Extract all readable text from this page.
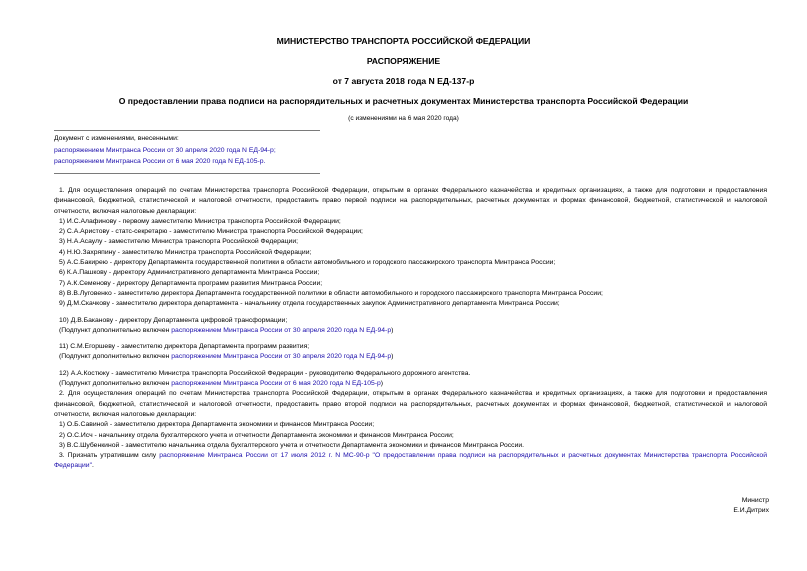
МИНИСТЕРСТВО ТРАНСПОРТА РОССИЙСКОЙ ФЕДЕРАЦИИ
РАСПОРЯЖЕНИЕ
от 7 августа 2018 года N ЕД-137-р
О предоставлении права подписи на распорядительных и расчетных документах Министерства транспорта Российской Федерации
(с изменениями на 6 мая 2020 года)
Документ с изменениями, внесенными:
распоряжением Минтранса России от 30 апреля 2020 года N ЕД-94-р;
распоряжением Минтранса России от 6 мая 2020 года N ЕД-105-р.

1. Для осуществления операций по счетам Министерства транспорта Российской Федерации, открытым в органах Федерального казначейства и кредитных организациях, а также для подготовки и предоставления финансовой, бюджетной, статистической и налоговой отчетности, предоставить право первой подписи на распорядительных, расчетных документах и формах финансовой, бюджетной, статистической и налоговой отчетности, включая налоговые декларации:

1) И.С.Алафинову - первому заместителю Министра транспорта Российской Федерации;
2) С.А.Аристову - статс-секретарю - заместителю Министра транспорта Российской Федерации;
3) Н.А.Асаулу - заместителю Министра транспорта Российской Федерации;
4) Н.Ю.Захряпину - заместителю Министра транспорта Российской Федерации;
5) А.С.Бакирею - директору Департамента государственной политики в области автомобильного и городского пассажирского транспорта Минтранса России;
6) К.А.Пашкову - директору Административного департамента Минтранса России;
7) А.К.Семенову - директору Департамента программ развития Минтранса России;
8) В.В.Луговенко - заместителю директора Департамента государственной политики в области автомобильного и городского пассажирского транспорта Минтранса России;
9) Д.М.Скачкову - заместителю директора департамента - начальнику отдела государственных закупок Административного департамента Минтранса России;
10) Д.В.Баканову - директору Департамента цифровой трансформации;
(Подпункт дополнительно включен распоряжением Минтранса России от 30 апреля 2020 года N ЕД-94-р)
11) С.М.Егоршеву - заместителю директора Департамента программ развития;
(Подпункт дополнительно включен распоряжением Минтранса России от 30 апреля 2020 года N ЕД-94-р)
12) А.А.Костюку - заместителю Министра транспорта Российской Федерации - руководителю Федерального дорожного агентства.
(Подпункт дополнительно включен распоряжением Минтранса России от 6 мая 2020 года N ЕД-105-р)

2. Для осуществления операций по счетам Министерства транспорта Российской Федерации, открытым в органах Федерального казначейства и кредитных организациях, а также для подготовки и предоставления финансовой, бюджетной, статистической и налоговой отчетности, предоставить право второй подписи на распорядительных, расчетных документах и формах финансовой, бюджетной, статистической и налоговой отчетности, включая налоговые декларации:

1) О.Б.Савиной - заместителю директора Департамента экономики и финансов Минтранса России;
2) О.С.Исч - начальнику отдела бухгалтерского учета и отчетности Департамента экономики и финансов Минтранса России;
3) В.С.Шубенкиной - заместителю начальника отдела бухгалтерского учета и отчетности Департамента экономики и финансов Минтранса России.

3. Признать утратившим силу распоряжение Минтранса России от 17 июля 2012 г. N МС-90-р "О предоставлении права подписи на распорядительных и расчетных документах Министерства транспорта Российской Федерации".

Министр
Е.И.Дитрих
